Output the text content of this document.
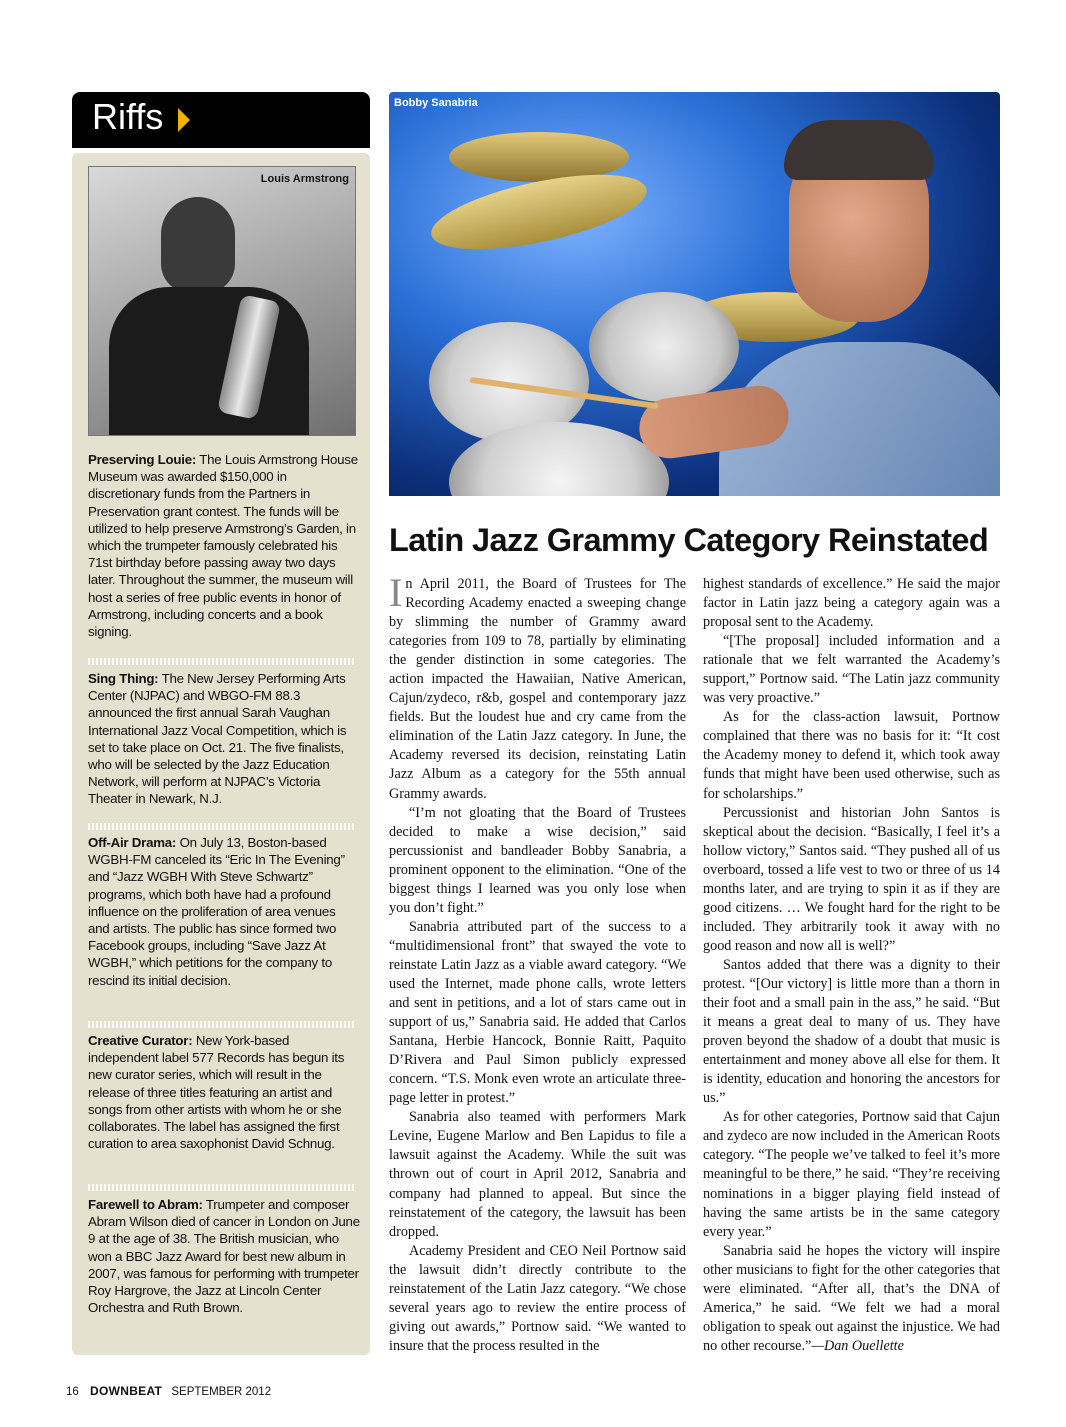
Riffs
Louis Armstrong
Preserving Louie: The Louis Armstrong House Museum was awarded $150,000 in discretionary funds from the Partners in Preservation grant contest. The funds will be utilized to help preserve Armstrong’s Garden, in which the trumpeter famously celebrated his 71st birthday before passing away two days later. Throughout the summer, the museum will host a series of free public events in honor of Armstrong, including concerts and a book signing.
Sing Thing: The New Jersey Performing Arts Center (NJPAC) and WBGO-FM 88.3 announced the first annual Sarah Vaughan International Jazz Vocal Competition, which is set to take place on Oct. 21. The five finalists, who will be selected by the Jazz Education Network, will perform at NJPAC’s Victoria Theater in Newark, N.J.
Off-Air Drama: On July 13, Boston-based WGBH-FM canceled its “Eric In The Evening” and “Jazz WGBH With Steve Schwartz” programs, which both have had a profound influence on the proliferation of area venues and artists. The public has since formed two Facebook groups, including “Save Jazz At WGBH,” which petitions for the company to rescind its initial decision.
Creative Curator: New York-based independent label 577 Records has begun its new curator series, which will result in the release of three titles featuring an artist and songs from other artists with whom he or she collaborates. The label has assigned the first curation to area saxophonist David Schnug.
Farewell to Abram: Trumpeter and composer Abram Wilson died of cancer in London on June 9 at the age of 38. The British musician, who won a BBC Jazz Award for best new album in 2007, was famous for performing with trumpeter Roy Hargrove, the Jazz at Lincoln Center Orchestra and Ruth Brown.
Bobby Sanabria
Latin Jazz Grammy Category Reinstated

In April 2011, the Board of Trustees for The Recording Academy enacted a sweeping change by slimming the number of Grammy award categories from 109 to 78, partially by eliminating the gender distinction in some categories. The action impacted the Hawaiian, Native American, Cajun/zydeco, r&b, gospel and contemporary jazz fields. But the loudest hue and cry came from the elimination of the Latin Jazz category. In June, the Academy reversed its decision, reinstating Latin Jazz Album as a category for the 55th annual Grammy awards.

“I’m not gloating that the Board of Trustees decided to make a wise decision,” said percussionist and bandleader Bobby Sanabria, a prominent opponent to the elimination. “One of the biggest things I learned was you only lose when you don’t fight.”

Sanabria attributed part of the success to a “multidimensional front” that swayed the vote to reinstate Latin Jazz as a viable award category. “We used the Internet, made phone calls, wrote letters and sent in petitions, and a lot of stars came out in support of us,” Sanabria said. He added that Carlos Santana, Herbie Hancock, Bonnie Raitt, Paquito D’Rivera and Paul Simon publicly expressed concern. “T.S. Monk even wrote an articulate three-page letter in protest.”

Sanabria also teamed with performers Mark Levine, Eugene Marlow and Ben Lapidus to file a lawsuit against the Academy. While the suit was thrown out of court in April 2012, Sanabria and company had planned to appeal. But since the reinstatement of the category, the lawsuit has been dropped.

Academy President and CEO Neil Portnow said the lawsuit didn’t directly contribute to the reinstatement of the Latin Jazz category. “We chose several years ago to review the entire process of giving out awards,” Portnow said. “We wanted to insure that the process resulted in the

highest standards of excellence.” He said the major factor in Latin jazz being a category again was a proposal sent to the Academy.

“[The proposal] included information and a rationale that we felt warranted the Academy’s support,” Portnow said. “The Latin jazz community was very proactive.”

As for the class-action lawsuit, Portnow complained that there was no basis for it: “It cost the Academy money to defend it, which took away funds that might have been used otherwise, such as for scholarships.”

Percussionist and historian John Santos is skeptical about the decision. “Basically, I feel it’s a hollow victory,” Santos said. “They pushed all of us overboard, tossed a life vest to two or three of us 14 months later, and are trying to spin it as if they are good citizens. … We fought hard for the right to be included. They arbitrarily took it away with no good reason and now all is well?”

Santos added that there was a dignity to their protest. “[Our victory] is little more than a thorn in their foot and a small pain in the ass,” he said. “But it means a great deal to many of us. They have proven beyond the shadow of a doubt that music is entertainment and money above all else for them. It is identity, education and honoring the ancestors for us.”

As for other categories, Portnow said that Cajun and zydeco are now included in the American Roots category. “The people we’ve talked to feel it’s more meaningful to be there,” he said. “They’re receiving nominations in a bigger playing field instead of having the same artists be in the same category every year.”

Sanabria said he hopes the victory will inspire other musicians to fight for the other categories that were eliminated. “After all, that’s the DNA of America,” he said. “We felt we had a moral obligation to speak out against the injustice. We had no other recourse.”—Dan Ouellette

16 DOWNBEAT SEPTEMBER 2012
